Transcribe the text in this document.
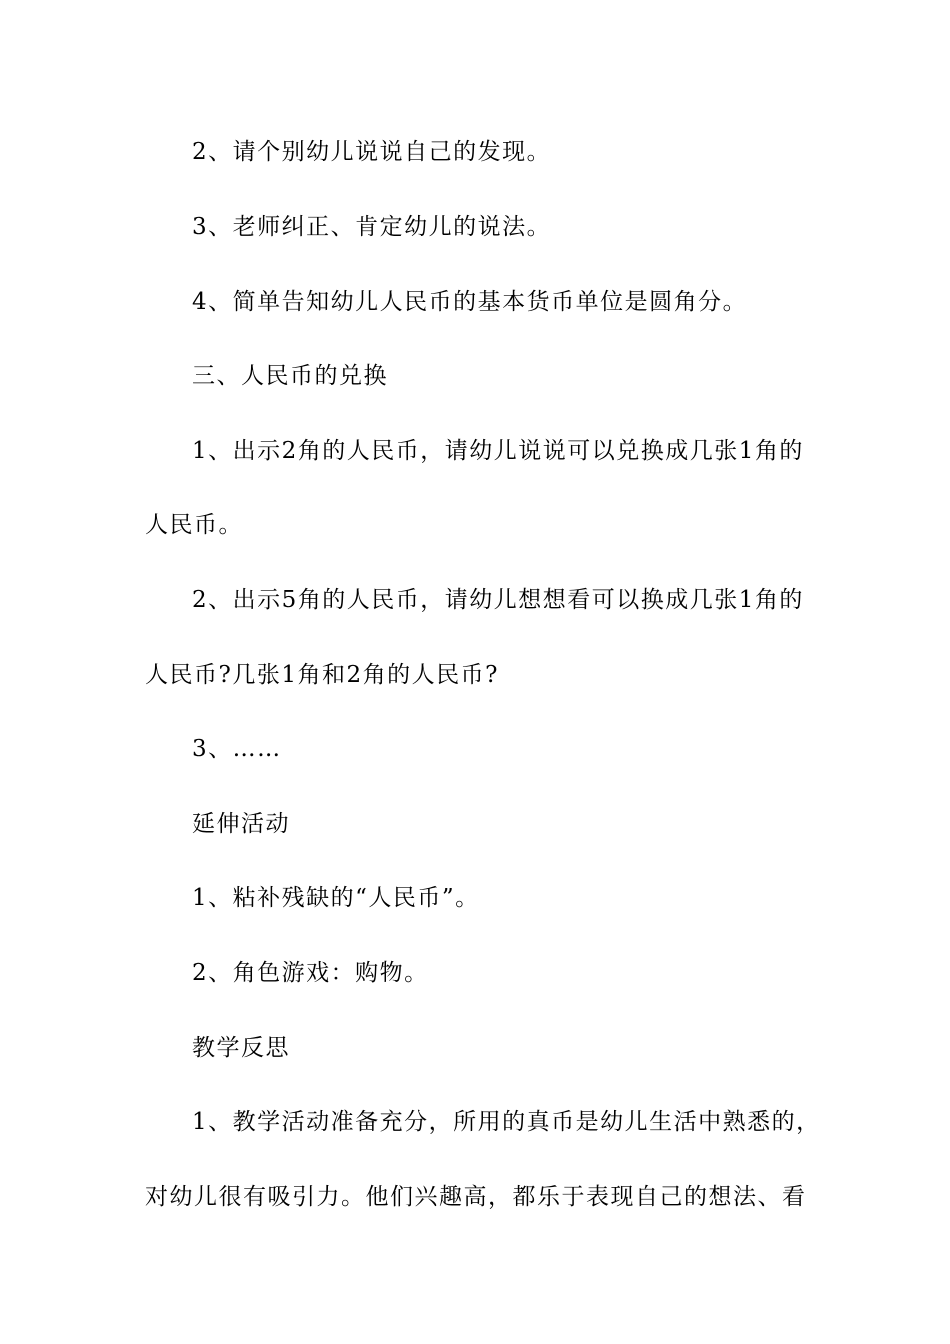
2、请个别幼儿说说自己的发现。
3、老师纠正、肯定幼儿的说法。
4、简单告知幼儿人民币的基本货币单位是圆角分。
三、人民币的兑换
1、出示2角的人民币，请幼儿说说可以兑换成几张1角的
人民币。
2、出示5角的人民币，请幼儿想想看可以换成几张1角的
人民币?几张1角和2角的人民币?
3、……
延伸活动
1、粘补残缺的“人民币”。
2、角色游戏：购物。
教学反思
1、教学活动准备充分，所用的真币是幼儿生活中熟悉的，
对幼儿很有吸引力。他们兴趣高，都乐于表现自己的想法、看
